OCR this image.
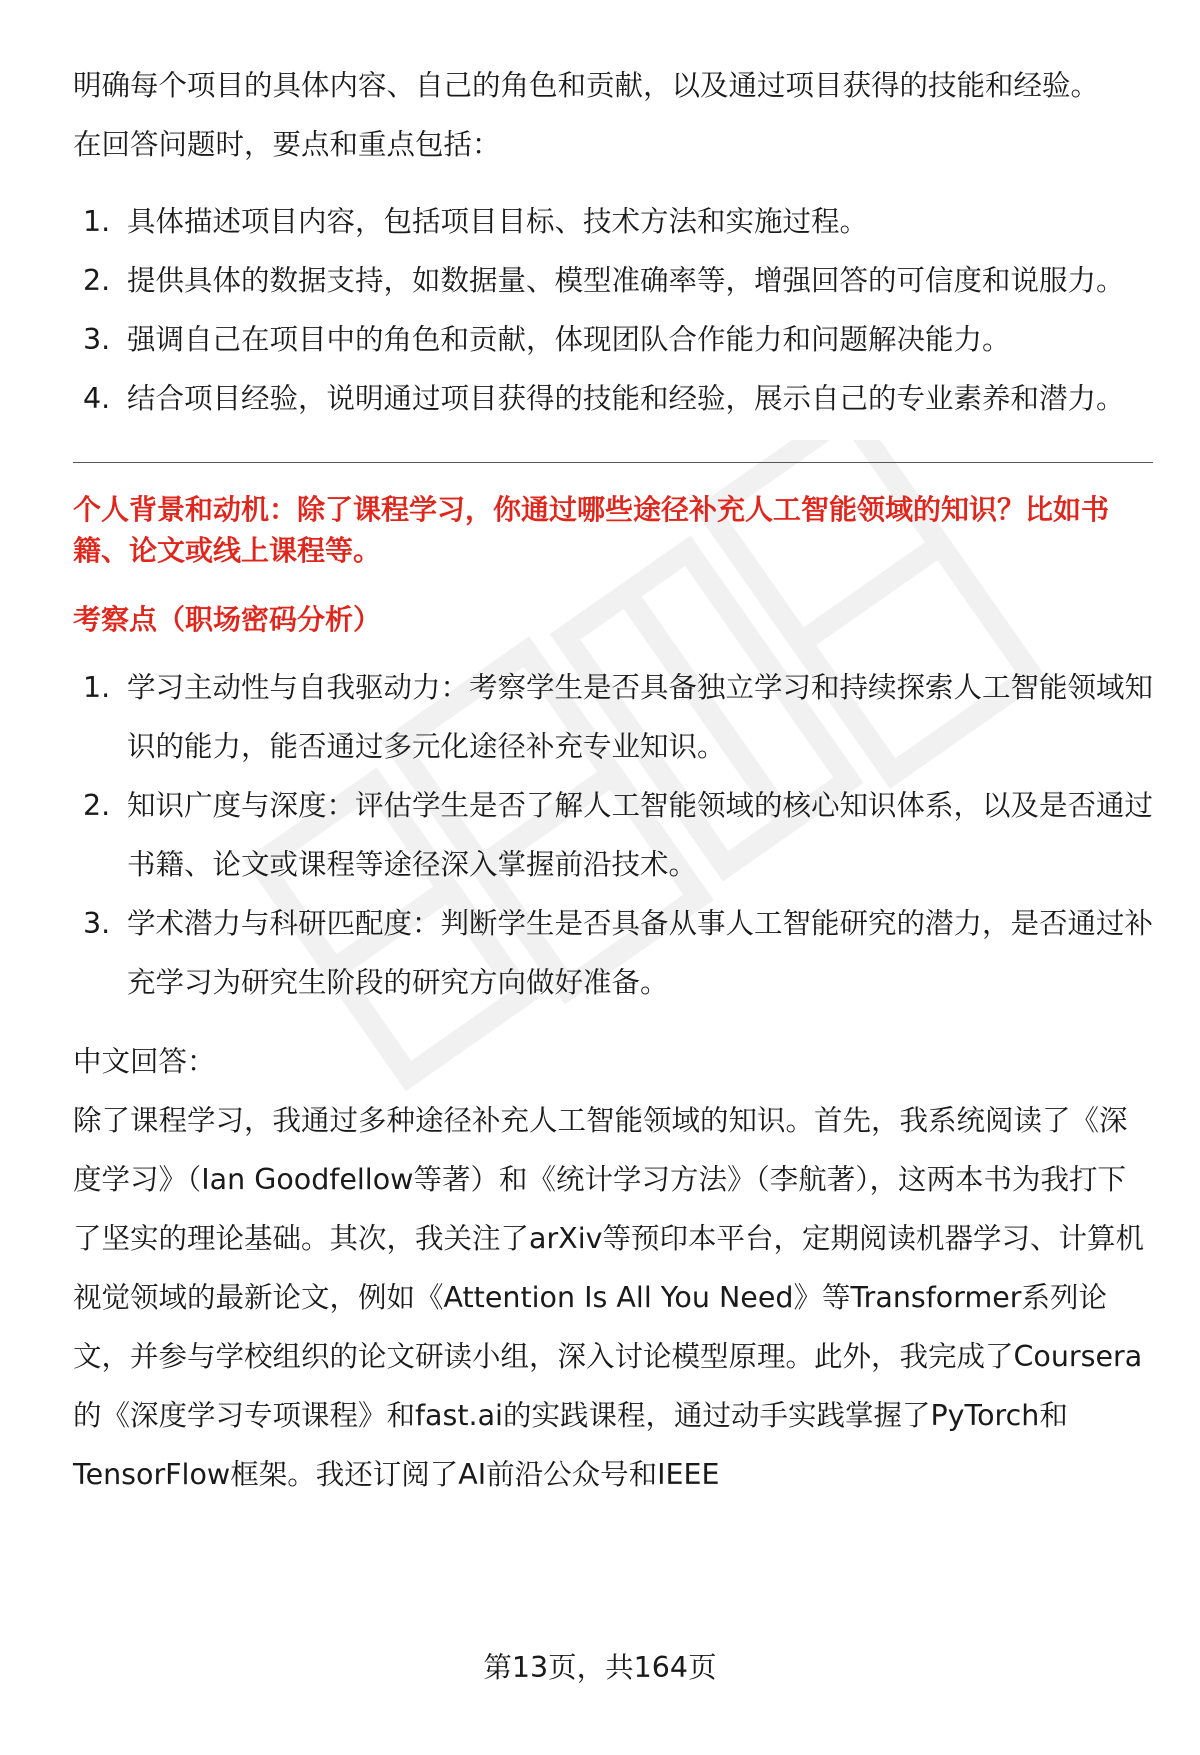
明确每个项目的具体内容、自己的角色和贡献，以及通过项目获得的技能和经验。

在回答问题时，要点和重点包括：

1. 具体描述项目内容，包括项目目标、技术方法和实施过程。
2. 提供具体的数据支持，如数据量、模型准确率等，增强回答的可信度和说服力。
3. 强调自己在项目中的角色和贡献，体现团队合作能力和问题解决能力。
4. 结合项目经验，说明通过项目获得的技能和经验，展示自己的专业素养和潜力。

个人背景和动机：除了课程学习，你通过哪些途径补充人工智能领域的知识？比如书籍、论文或线上课程等。

考察点（职场密码分析）

1. 学习主动性与自我驱动力：考察学生是否具备独立学习和持续探索人工智能领域知识的能力，能否通过多元化途径补充专业知识。
2. 知识广度与深度：评估学生是否了解人工智能领域的核心知识体系，以及是否通过书籍、论文或课程等途径深入掌握前沿技术。
3. 学术潜力与科研匹配度：判断学生是否具备从事人工智能研究的潜力，是否通过补充学习为研究生阶段的研究方向做好准备。

中文回答：

除了课程学习，我通过多种途径补充人工智能领域的知识。首先，我系统阅读了《深度学习》（Ian Goodfellow等著）和《统计学习方法》（李航著），这两本书为我打下了坚实的理论基础。其次，我关注了arXiv等预印本平台，定期阅读机器学习、计算机视觉领域的最新论文，例如《Attention Is All You Need》等Transformer系列论文，并参与学校组织的论文研读小组，深入讨论模型原理。此外，我完成了Coursera的《深度学习专项课程》和fast.ai的实践课程，通过动手实践掌握了PyTorch和TensorFlow框架。我还订阅了AI前沿公众号和IEEE

第13页，共164页
